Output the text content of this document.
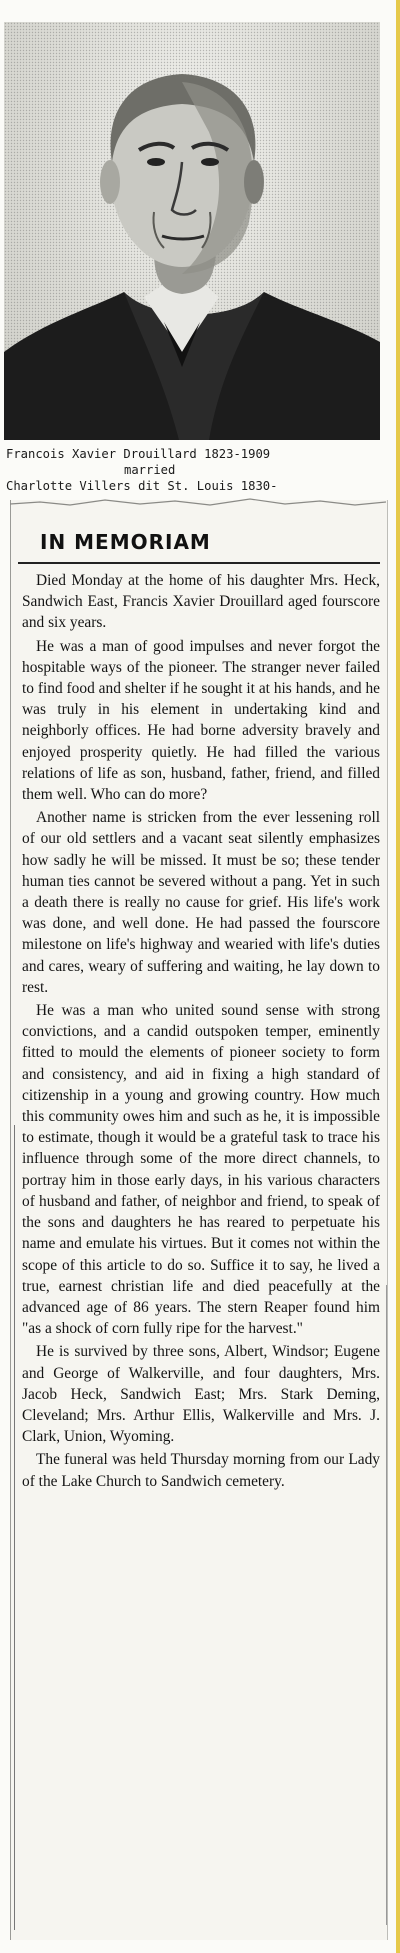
Francois Xavier Drouillard 1823-1909
married
Charlotte Villers dit St. Louis 1830-
IN MEMORIAM

Died Monday at the home of his daughter Mrs. Heck, Sandwich East, Francis Xavier Drouillard aged fourscore and six years.

He was a man of good impulses and never forgot the hospitable ways of the pioneer. The stranger never failed to find food and shelter if he sought it at his hands, and he was truly in his element in undertaking kind and neighborly offices. He had borne adversity bravely and enjoyed prosperity quietly. He had filled the various relations of life as son, husband, father, friend, and filled them well. Who can do more?

Another name is stricken from the ever lessening roll of our old settlers and a vacant seat silently emphasizes how sadly he will be missed. It must be so; these tender human ties cannot be severed without a pang. Yet in such a death there is really no cause for grief. His life's work was done, and well done. He had passed the fourscore milestone on life's highway and wearied with life's duties and cares, weary of suffering and waiting, he lay down to rest.

He was a man who united sound sense with strong convictions, and a candid outspoken temper, eminently fitted to mould the elements of pioneer society to form and consistency, and aid in fixing a high standard of citizenship in a young and growing country. How much this community owes him and such as he, it is impossible to estimate, though it would be a grateful task to trace his influence through some of the more direct channels, to portray him in those early days, in his various characters of husband and father, of neighbor and friend, to speak of the sons and daughters he has reared to perpetuate his name and emulate his virtues. But it comes not within the scope of this article to do so. Suffice it to say, he lived a true, earnest christian life and died peacefully at the advanced age of 86 years. The stern Reaper found him "as a shock of corn fully ripe for the harvest."

He is survived by three sons, Albert, Windsor; Eugene and George of Walkerville, and four daughters, Mrs. Jacob Heck, Sandwich East; Mrs. Stark Deming, Cleveland; Mrs. Arthur Ellis, Walkerville and Mrs. J. Clark, Union, Wyoming.

The funeral was held Thursday morning from our Lady of the Lake Church to Sandwich cemetery.
